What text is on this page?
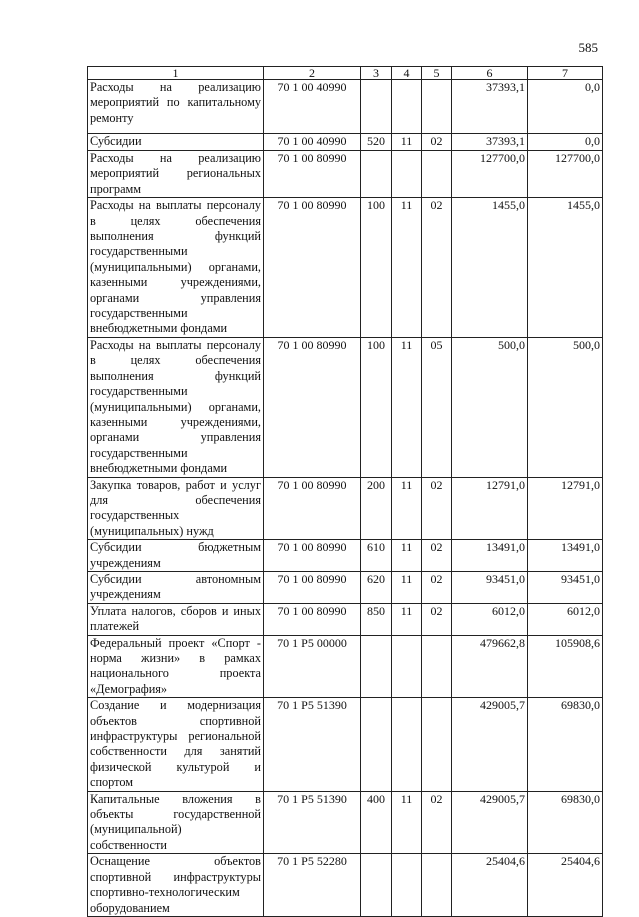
585
1	2	3	4	5	6	7
Расходы на реализацию мероприятий по капитальному ремонту	70 1 00 40990				37393,1	0,0
Субсидии	70 1 00 40990	520	11	02	37393,1	0,0
Расходы на реализацию мероприятий региональных программ	70 1 00 80990				127700,0	127700,0
Расходы на выплаты персоналу в целях обеспечения выполнения функций государственными (муниципальными) органами, казенными учреждениями, органами управления государственными внебюджетными фондами	70 1 00 80990	100	11	02	1455,0	1455,0
Расходы на выплаты персоналу в целях обеспечения выполнения функций государственными (муниципальными) органами, казенными учреждениями, органами управления государственными внебюджетными фондами	70 1 00 80990	100	11	05	500,0	500,0
Закупка товаров, работ и услуг для обеспечения государственных (муниципальных) нужд	70 1 00 80990	200	11	02	12791,0	12791,0
Субсидии бюджетным учреждениям	70 1 00 80990	610	11	02	13491,0	13491,0
Субсидии автономным учреждениям	70 1 00 80990	620	11	02	93451,0	93451,0
Уплата налогов, сборов и иных платежей	70 1 00 80990	850	11	02	6012,0	6012,0
Федеральный проект «Спорт - норма жизни» в рамках национального проекта «Демография»	70 1 P5 00000				479662,8	105908,6
Создание и модернизация объектов спортивной инфраструктуры региональной собственности для занятий физической культурой и спортом	70 1 P5 51390				429005,7	69830,0
Капитальные вложения в объекты государственной (муниципальной) собственности	70 1 P5 51390	400	11	02	429005,7	69830,0
Оснащение объектов спортивной инфраструктуры спортивно-технологическим оборудованием	70 1 P5 52280				25404,6	25404,6
